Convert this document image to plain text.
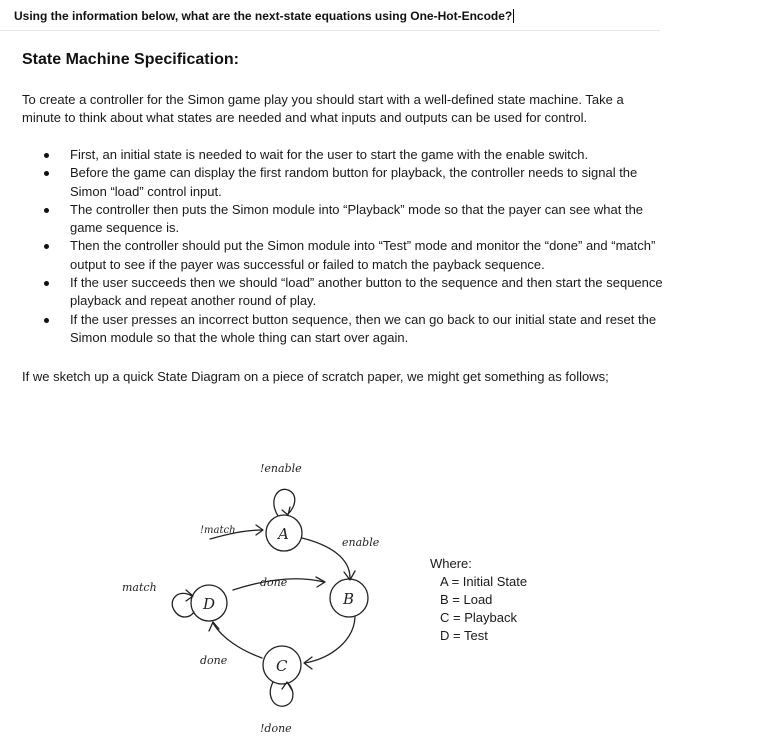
Using the information below, what are the next-state equations using One-Hot-Encode?
State Machine Specification:
To create a controller for the Simon game play you should start with a well-defined state machine. Take a minute to think about what states are needed and what inputs and outputs can be used for control.
First, an initial state is needed to wait for the user to start the game with the enable switch.
Before the game can display the first random button for playback, the controller needs to signal the Simon “load” control input.
The controller then puts the Simon module into “Playback” mode so that the payer can see what the game sequence is.
Then the controller should put the Simon module into “Test” mode and monitor the “done” and “match” output to see if the payer was successful or failed to match the payback sequence.
If the user succeeds then we should “load” another button to the sequence and then start the sequence playback and repeat another round of play.
If the user presses an incorrect button sequence, then we can go back to our initial state and reset the Simon module so that the whole thing can start over again.
If we sketch up a quick State Diagram on a piece of scratch paper, we might get something as follows;
A
B
C
D
!enable
enable
!match
done
match
done
!done
Where:
A = Initial State
B = Load
C = Playback
D = Test
